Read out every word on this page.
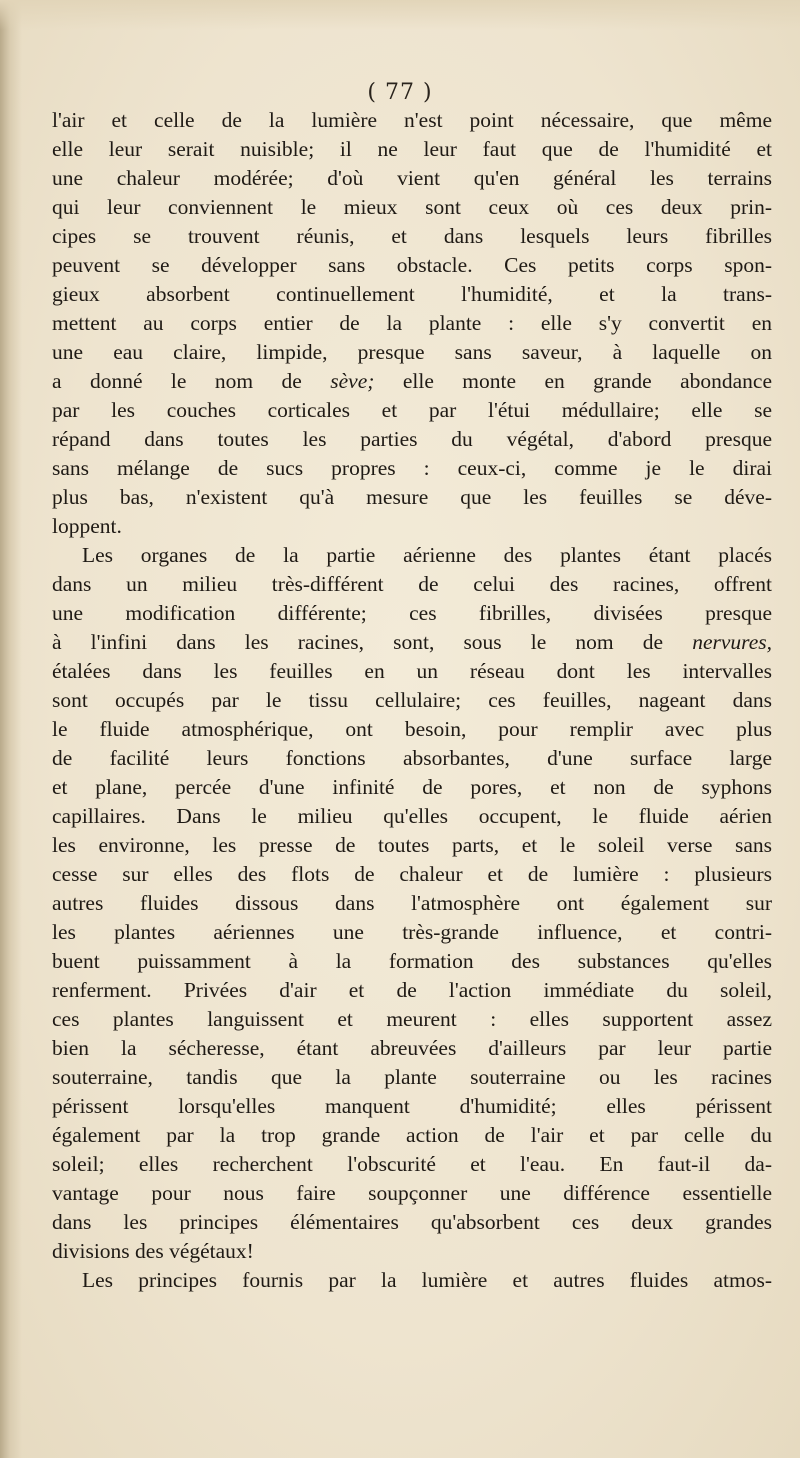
( 77 )
l'air et celle de la lumière n'est point nécessaire, que même
elle leur serait nuisible; il ne leur faut que de l'humidité et
une chaleur modérée; d'où vient qu'en général les terrains
qui leur conviennent le mieux sont ceux où ces deux prin-
cipes se trouvent réunis, et dans lesquels leurs fibrilles
peuvent se développer sans obstacle. Ces petits corps spon-
gieux absorbent continuellement l'humidité, et la trans-
mettent au corps entier de la plante : elle s'y convertit en
une eau claire, limpide, presque sans saveur, à laquelle on
a donné le nom de sève; elle monte en grande abondance
par les couches corticales et par l'étui médullaire; elle se
répand dans toutes les parties du végétal, d'abord presque
sans mélange de sucs propres : ceux-ci, comme je le dirai
plus bas, n'existent qu'à mesure que les feuilles se déve-
loppent.
Les organes de la partie aérienne des plantes étant placés
dans un milieu très-différent de celui des racines, offrent
une modification différente; ces fibrilles, divisées presque
à l'infini dans les racines, sont, sous le nom de nervures,
étalées dans les feuilles en un réseau dont les intervalles
sont occupés par le tissu cellulaire; ces feuilles, nageant dans
le fluide atmosphérique, ont besoin, pour remplir avec plus
de facilité leurs fonctions absorbantes, d'une surface large
et plane, percée d'une infinité de pores, et non de syphons
capillaires. Dans le milieu qu'elles occupent, le fluide aérien
les environne, les presse de toutes parts, et le soleil verse sans
cesse sur elles des flots de chaleur et de lumière : plusieurs
autres fluides dissous dans l'atmosphère ont également sur
les plantes aériennes une très-grande influence, et contri-
buent puissamment à la formation des substances qu'elles
renferment. Privées d'air et de l'action immédiate du soleil,
ces plantes languissent et meurent : elles supportent assez
bien la sécheresse, étant abreuvées d'ailleurs par leur partie
souterraine, tandis que la plante souterraine ou les racines
périssent lorsqu'elles manquent d'humidité; elles périssent
également par la trop grande action de l'air et par celle du
soleil; elles recherchent l'obscurité et l'eau. En faut-il da-
vantage pour nous faire soupçonner une différence essentielle
dans les principes élémentaires qu'absorbent ces deux grandes
divisions des végétaux!
Les principes fournis par la lumière et autres fluides atmos-
